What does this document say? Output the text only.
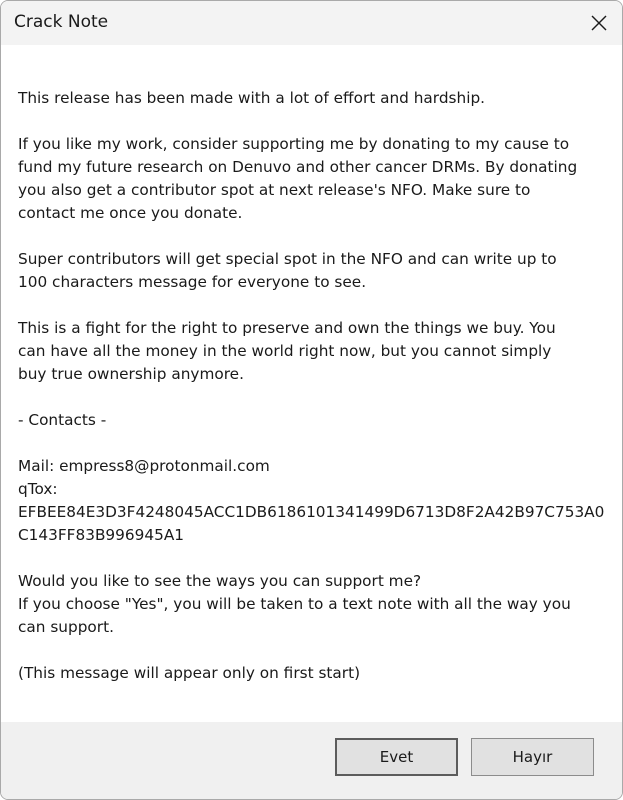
Crack Note
This release has been made with a lot of effort and hardship.
If you like my work, consider supporting me by donating to my cause to
fund my future research on Denuvo and other cancer DRMs. By donating
you also get a contributor spot at next release's NFO. Make sure to
contact me once you donate.
Super contributors will get special spot in the NFO and can write up to
100 characters message for everyone to see.
This is a fight for the right to preserve and own the things we buy. You
can have all the money in the world right now, but you cannot simply
buy true ownership anymore.
- Contacts -
Mail: empress8@protonmail.com
qTox:
EFBEE84E3D3F4248045ACC1DB6186101341499D6713D8F2A42B97C753A0
C143FF83B996945A1
Would you like to see the ways you can support me?
If you choose "Yes", you will be taken to a text note with all the way you
can support.
(This message will appear only on first start)
Evet	Hayır
